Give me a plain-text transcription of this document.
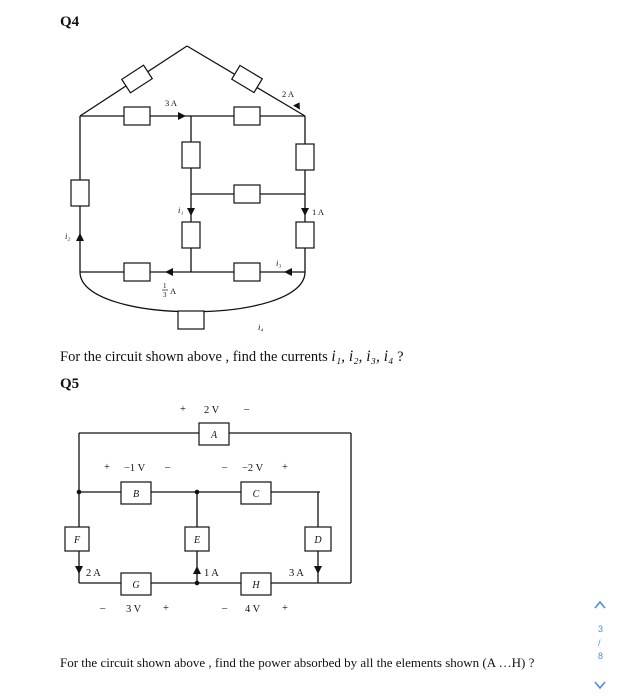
Q4
3 A
2 A
1 A
i₁
i₂
i₃
i₄
1
3 A
A
B	C
D
E
F
G	H
+ 2 V –
+ −1 V –	– −2 V +
2 A	1 A	3 A
– 3 V +	– 4 V +
For the circuit shown above , find the currents i₁, i₂, i₃, i₄ ?
Q5
For the circuit shown above , find the power absorbed by all the elements shown (A …H) ?
3
/
8
